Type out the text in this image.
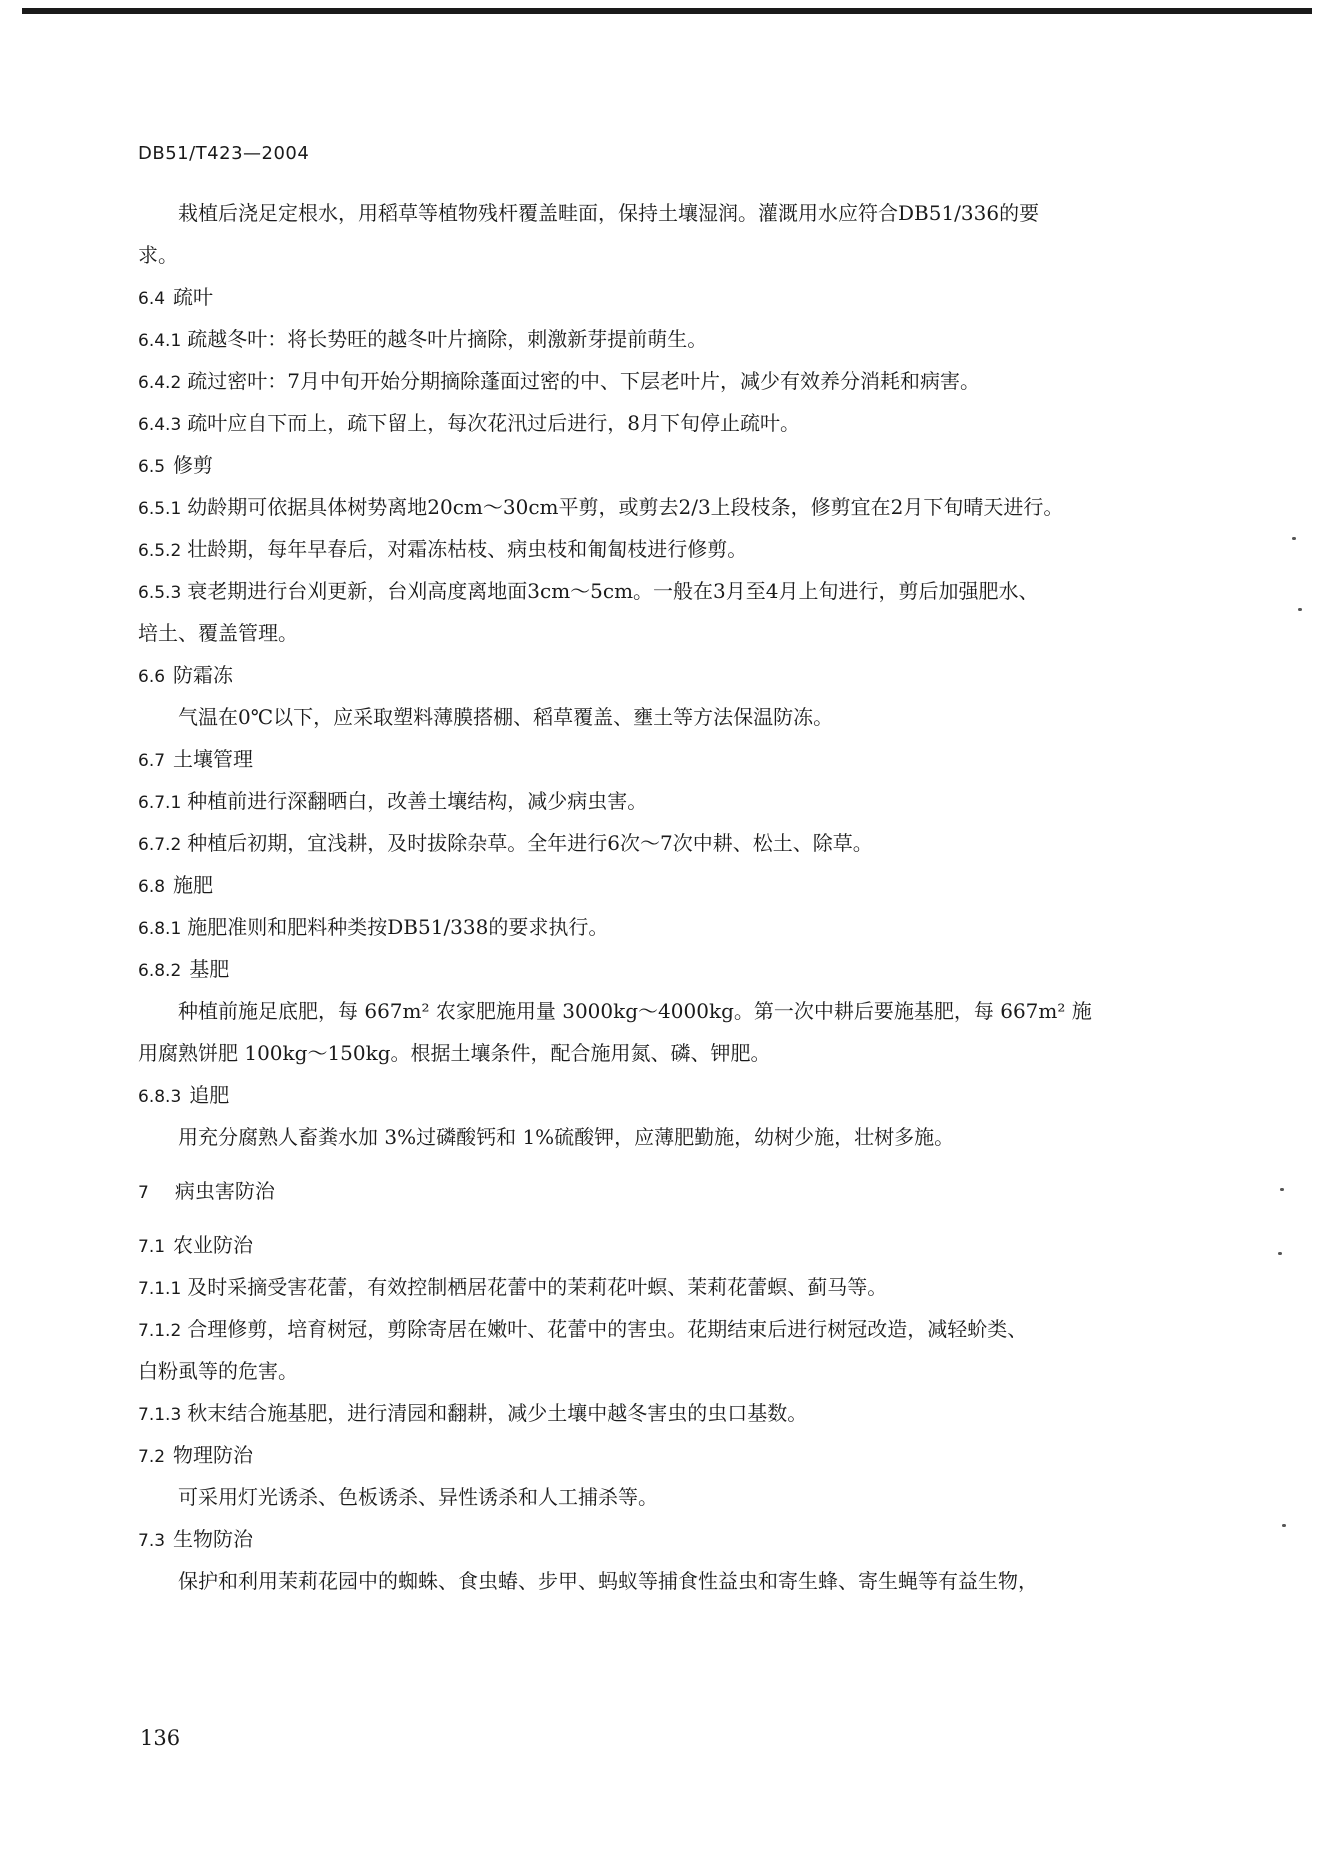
DB51/T423—2004
栽植后浇足定根水，用稻草等植物残杆覆盖畦面，保持土壤湿润。灌溉用水应符合DB51/336的要
求。
6.4 疏叶
6.4.1 疏越冬叶：将长势旺的越冬叶片摘除，刺激新芽提前萌生。
6.4.2 疏过密叶：7月中旬开始分期摘除蓬面过密的中、下层老叶片，减少有效养分消耗和病害。
6.4.3 疏叶应自下而上，疏下留上，每次花汛过后进行，8月下旬停止疏叶。
6.5 修剪
6.5.1 幼龄期可依据具体树势离地20cm～30cm平剪，或剪去2/3上段枝条，修剪宜在2月下旬晴天进行。
6.5.2 壮龄期，每年早春后，对霜冻枯枝、病虫枝和匍匐枝进行修剪。
6.5.3 衰老期进行台刈更新，台刈高度离地面3cm～5cm。一般在3月至4月上旬进行，剪后加强肥水、
培土、覆盖管理。
6.6 防霜冻
气温在0℃以下，应采取塑料薄膜搭棚、稻草覆盖、壅土等方法保温防冻。
6.7 土壤管理
6.7.1 种植前进行深翻晒白，改善土壤结构，减少病虫害。
6.7.2 种植后初期，宜浅耕，及时拔除杂草。全年进行6次～7次中耕、松土、除草。
6.8 施肥
6.8.1 施肥准则和肥料种类按DB51/338的要求执行。
6.8.2 基肥
种植前施足底肥，每 667m² 农家肥施用量 3000kg～4000kg。第一次中耕后要施基肥，每 667m² 施
用腐熟饼肥 100kg～150kg。根据土壤条件，配合施用氮、磷、钾肥。
6.8.3 追肥
用充分腐熟人畜粪水加 3%过磷酸钙和 1%硫酸钾，应薄肥勤施，幼树少施，壮树多施。
7 病虫害防治
7.1 农业防治
7.1.1 及时采摘受害花蕾，有效控制栖居花蕾中的茉莉花叶螟、茉莉花蕾螟、蓟马等。
7.1.2 合理修剪，培育树冠，剪除寄居在嫩叶、花蕾中的害虫。花期结束后进行树冠改造，减轻蚧类、
白粉虱等的危害。
7.1.3 秋末结合施基肥，进行清园和翻耕，减少土壤中越冬害虫的虫口基数。
7.2 物理防治
可采用灯光诱杀、色板诱杀、异性诱杀和人工捕杀等。
7.3 生物防治
保护和利用茉莉花园中的蜘蛛、食虫蝽、步甲、蚂蚁等捕食性益虫和寄生蜂、寄生蝇等有益生物，
136
